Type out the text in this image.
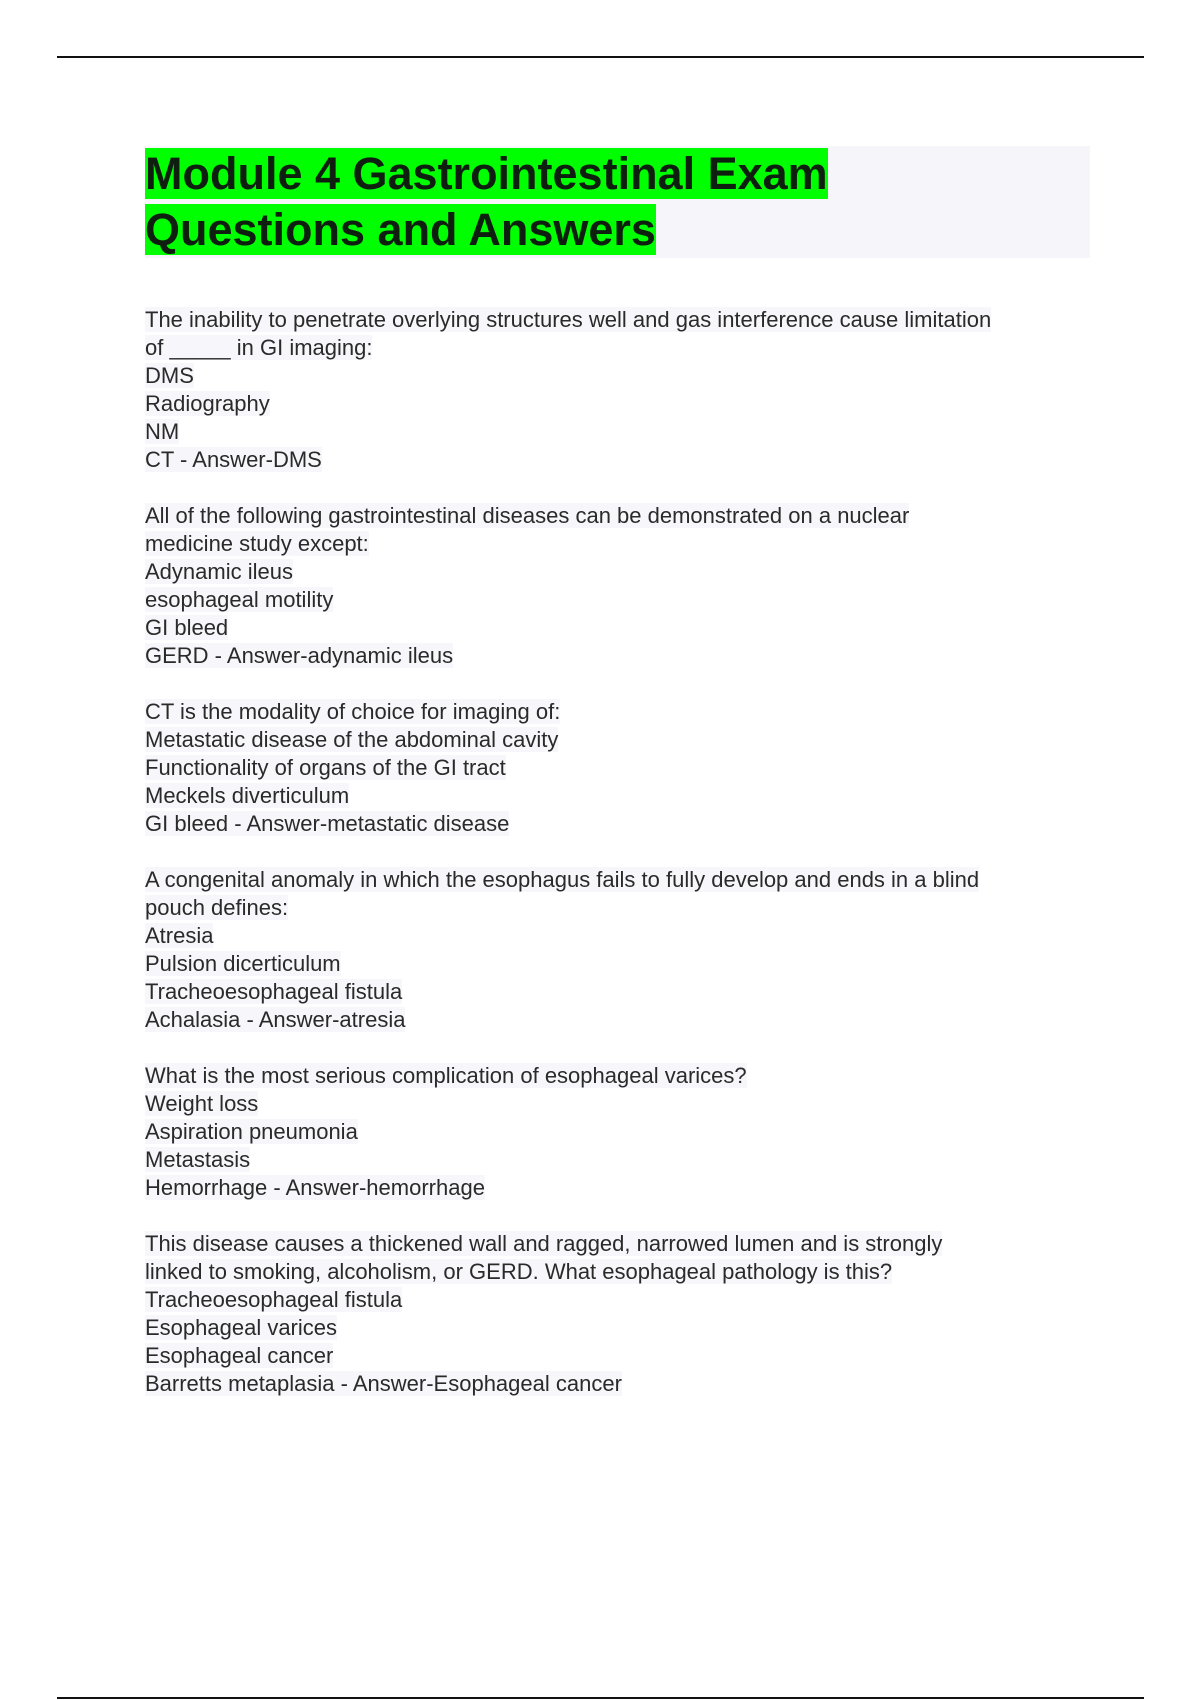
Module 4 Gastrointestinal Exam
Questions and Answers
The inability to penetrate overlying structures well and gas interference cause limitation
of _____ in GI imaging:
DMS
Radiography
NM
CT - Answer-DMS
All of the following gastrointestinal diseases can be demonstrated on a nuclear
medicine study except:
Adynamic ileus
esophageal motility
GI bleed
GERD - Answer-adynamic ileus
CT is the modality of choice for imaging of:
Metastatic disease of the abdominal cavity
Functionality of organs of the GI tract
Meckels diverticulum
GI bleed - Answer-metastatic disease
A congenital anomaly in which the esophagus fails to fully develop and ends in a blind
pouch defines:
Atresia
Pulsion dicerticulum
Tracheoesophageal fistula
Achalasia - Answer-atresia
What is the most serious complication of esophageal varices?
Weight loss
Aspiration pneumonia
Metastasis
Hemorrhage - Answer-hemorrhage
This disease causes a thickened wall and ragged, narrowed lumen and is strongly
linked to smoking, alcoholism, or GERD. What esophageal pathology is this?
Tracheoesophageal fistula
Esophageal varices
Esophageal cancer
Barretts metaplasia - Answer-Esophageal cancer
